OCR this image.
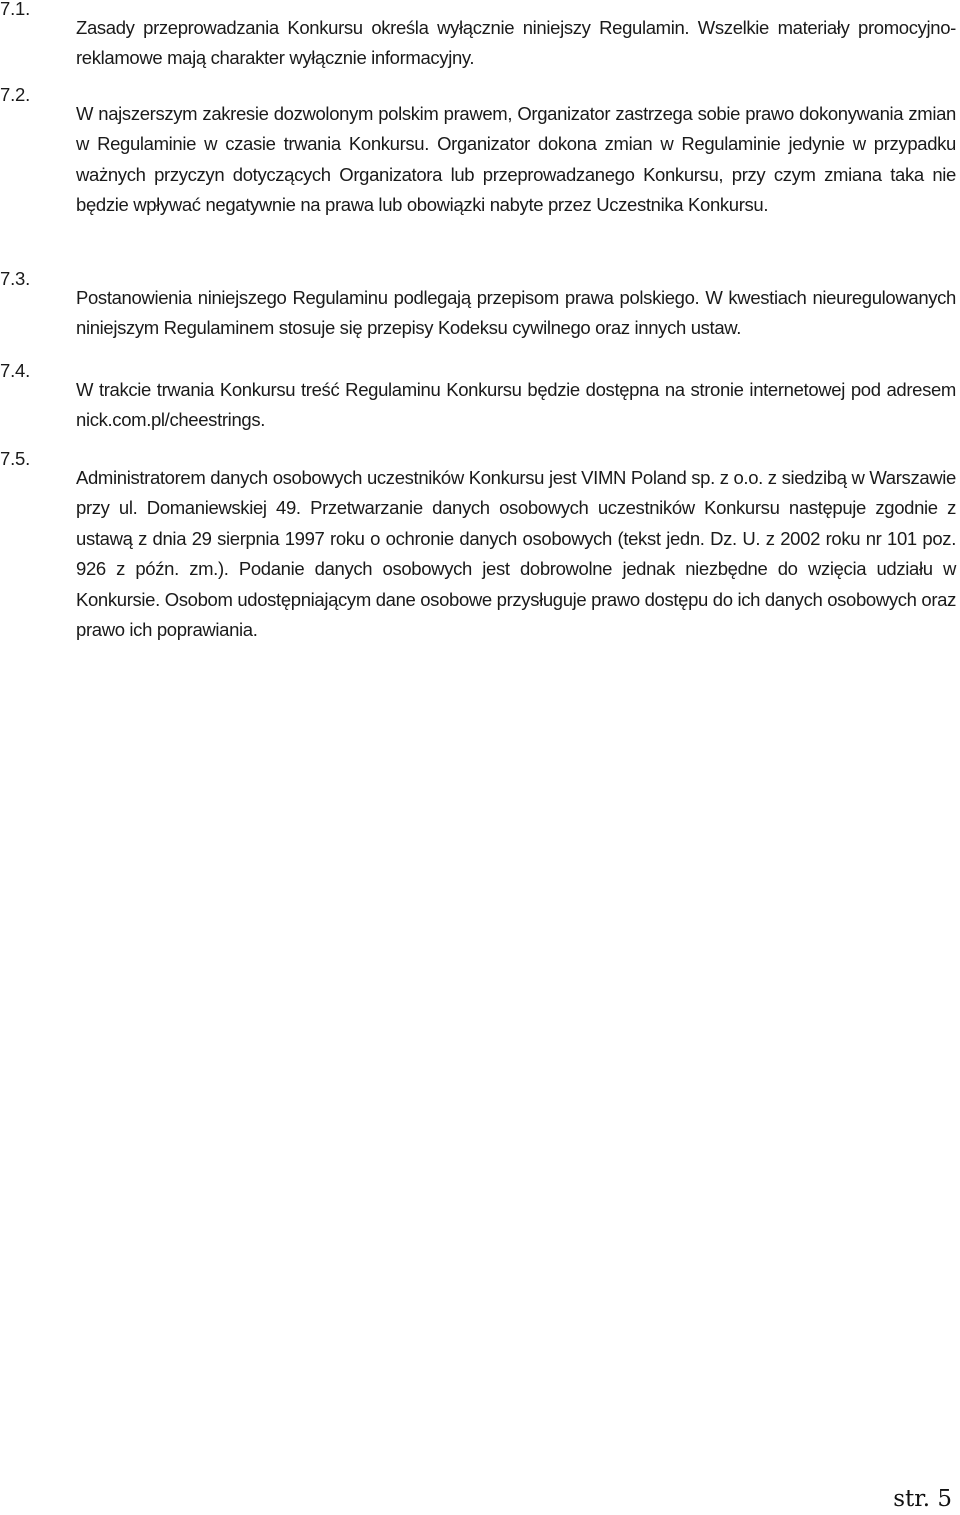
7.1.

Zasady przeprowadzania Konkursu określa wyłącznie niniejszy Regulamin. Wszelkie materiały promocyjno-reklamowe mają charakter wyłącznie informacyjny.

7.2.

W najszerszym zakresie dozwolonym polskim prawem, Organizator zastrzega sobie prawo dokonywania zmian w Regulaminie w czasie trwania Konkursu. Organizator dokona zmian w Regulaminie jedynie w przypadku ważnych przyczyn dotyczących Organizatora lub przeprowadzanego Konkursu, przy czym zmiana taka nie będzie wpływać negatywnie na prawa lub obowiązki nabyte przez Uczestnika Konkursu.

7.3.

Postanowienia niniejszego Regulaminu podlegają przepisom prawa polskiego. W kwestiach nieuregulowanych niniejszym Regulaminem stosuje się przepisy Kodeksu cywilnego oraz innych ustaw.

7.4.

W trakcie trwania Konkursu treść Regulaminu Konkursu będzie dostępna na stronie internetowej pod adresem nick.com.pl/cheestrings.

7.5.

Administratorem danych osobowych uczestników Konkursu jest VIMN Poland sp. z o.o. z siedzibą w Warszawie przy ul. Domaniewskiej 49. Przetwarzanie danych osobowych uczestników Konkursu następuje zgodnie z ustawą z dnia 29 sierpnia 1997 roku o ochronie danych osobowych (tekst jedn. Dz. U. z 2002 roku nr 101 poz. 926 z późn. zm.). Podanie danych osobowych jest dobrowolne jednak niezbędne do wzięcia udziału w Konkursie. Osobom udostępniającym dane osobowe przysługuje prawo dostępu do ich danych osobowych oraz prawo ich poprawiania.

str. 5
